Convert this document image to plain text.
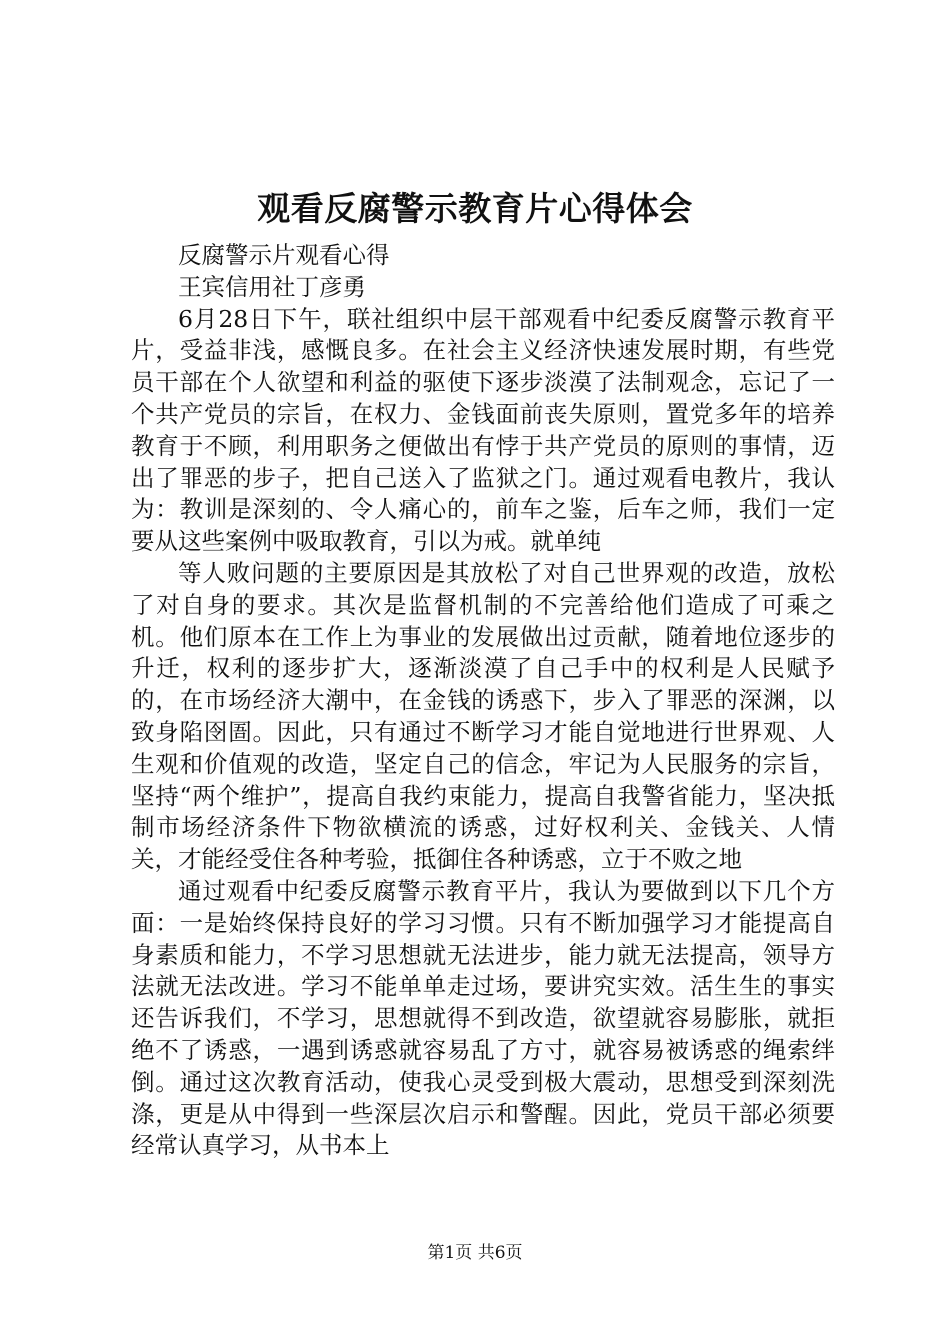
观看反腐警示教育片心得体会

反腐警示片观看心得

王宾信用社丁彦勇

6月28日下午，联社组织中层干部观看中纪委反腐警示教育平片，受益非浅，感慨良多。在社会主义经济快速发展时期，有些党员干部在个人欲望和利益的驱使下逐步淡漠了法制观念，忘记了一个共产党员的宗旨，在权力、金钱面前丧失原则，置党多年的培养教育于不顾，利用职务之便做出有悖于共产党员的原则的事情，迈出了罪恶的步子，把自己送入了监狱之门。通过观看电教片，我认为：教训是深刻的、令人痛心的，前车之鉴，后车之师，我们一定要从这些案例中吸取教育，引以为戒。就单纯

等人败问题的主要原因是其放松了对自己世界观的改造，放松了对自身的要求。其次是监督机制的不完善给他们造成了可乘之机。他们原本在工作上为事业的发展做出过贡献，随着地位逐步的升迁，权利的逐步扩大，逐渐淡漠了自己手中的权利是人民赋予的，在市场经济大潮中，在金钱的诱惑下，步入了罪恶的深渊，以致身陷囹圄。因此，只有通过不断学习才能自觉地进行世界观、人生观和价值观的改造，坚定自己的信念，牢记为人民服务的宗旨，坚持“两个维护”，提高自我约束能力，提高自我警省能力，坚决抵制市场经济条件下物欲横流的诱惑，过好权利关、金钱关、人情关，才能经受住各种考验，抵御住各种诱惑，立于不败之地

通过观看中纪委反腐警示教育平片，我认为要做到以下几个方面：一是始终保持良好的学习习惯。只有不断加强学习才能提高自身素质和能力，不学习思想就无法进步，能力就无法提高，领导方法就无法改进。学习不能单单走过场，要讲究实效。活生生的事实还告诉我们，不学习，思想就得不到改造，欲望就容易膨胀，就拒绝不了诱惑，一遇到诱惑就容易乱了方寸，就容易被诱惑的绳索绊倒。通过这次教育活动，使我心灵受到极大震动，思想受到深刻洗涤，更是从中得到一些深层次启示和警醒。因此，党员干部必须要经常认真学习，从书本上

第1页 共6页
